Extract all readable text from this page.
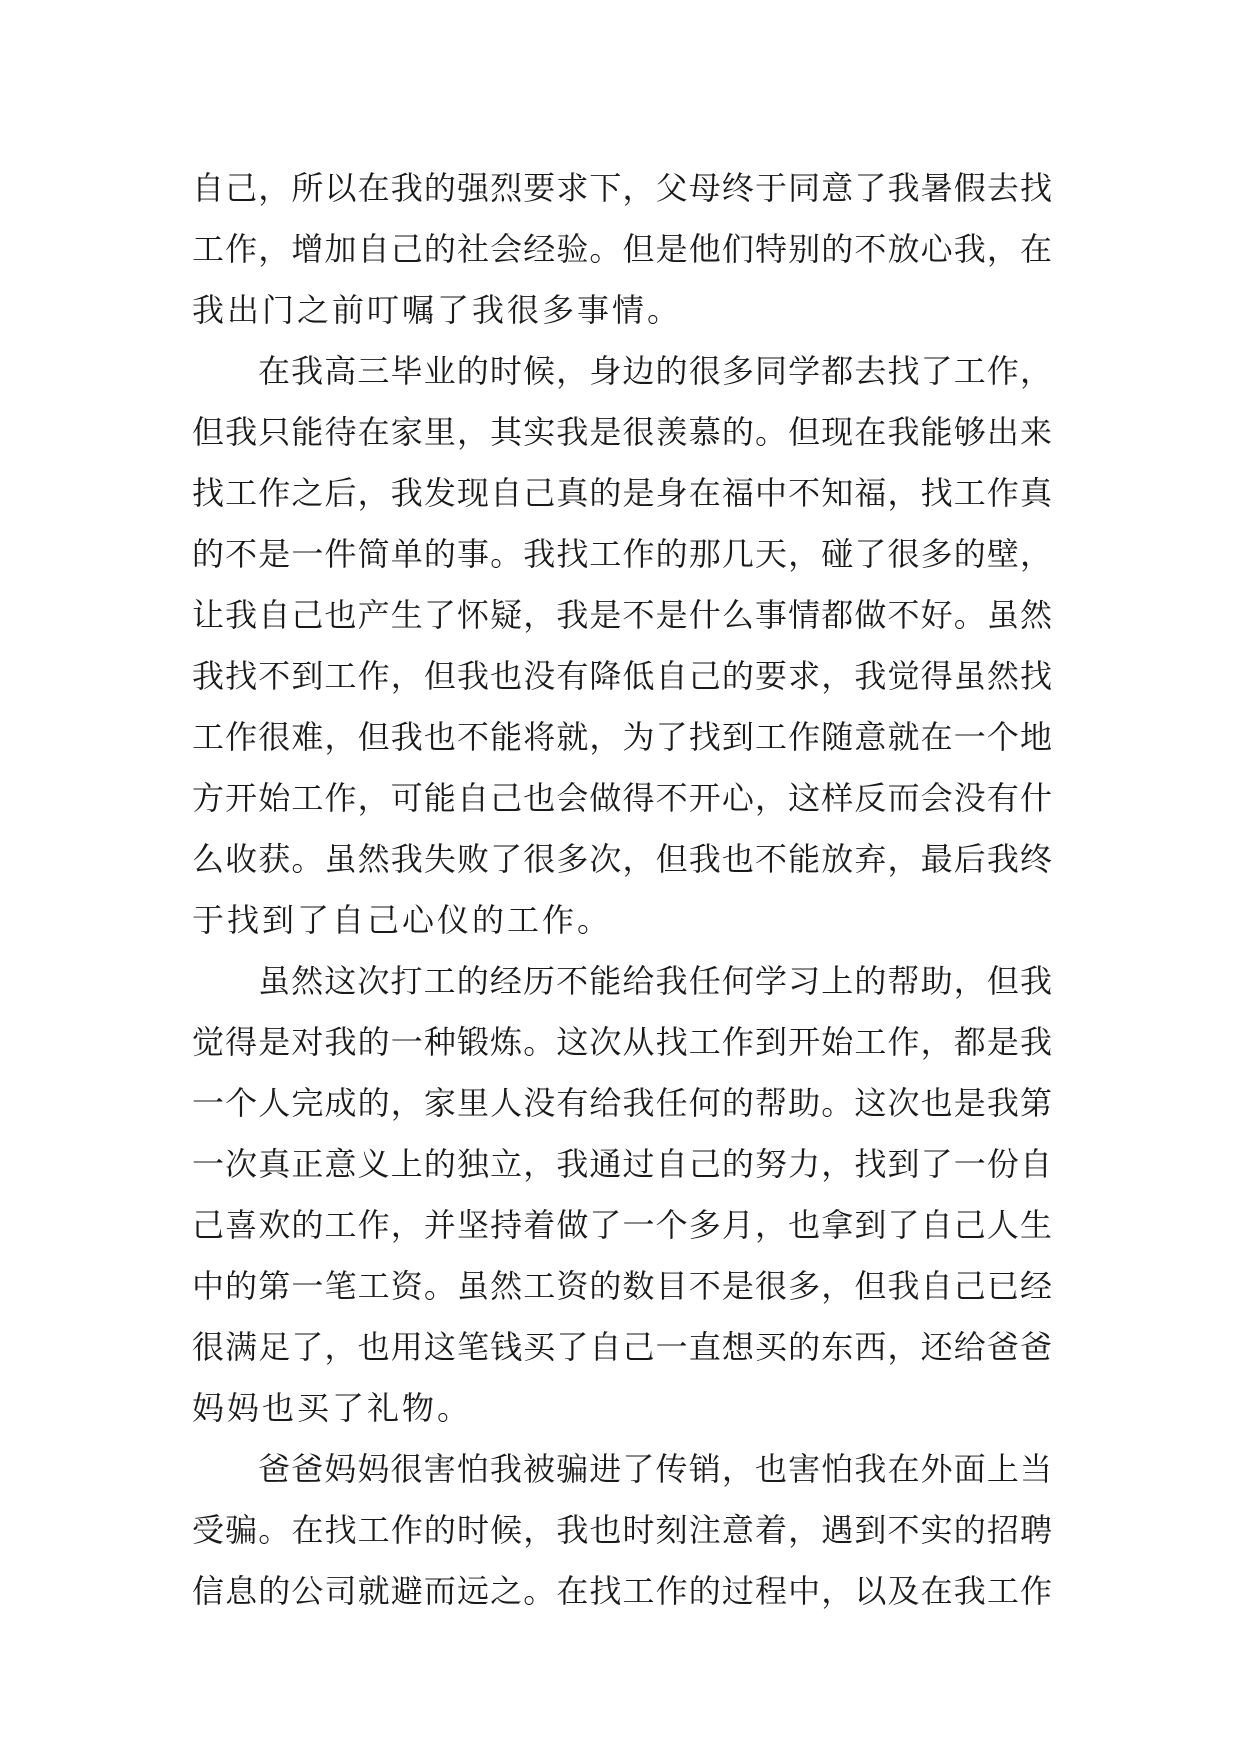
自己，所以在我的强烈要求下，父母终于同意了我暑假去找
工作，增加自己的社会经验。但是他们特别的不放心我，在
我出门之前叮嘱了我很多事情。
在我高三毕业的时候，身边的很多同学都去找了工作，
但我只能待在家里，其实我是很羡慕的。但现在我能够出来
找工作之后，我发现自己真的是身在福中不知福，找工作真
的不是一件简单的事。我找工作的那几天，碰了很多的壁，
让我自己也产生了怀疑，我是不是什么事情都做不好。虽然
我找不到工作，但我也没有降低自己的要求，我觉得虽然找
工作很难，但我也不能将就，为了找到工作随意就在一个地
方开始工作，可能自己也会做得不开心，这样反而会没有什
么收获。虽然我失败了很多次，但我也不能放弃，最后我终
于找到了自己心仪的工作。
虽然这次打工的经历不能给我任何学习上的帮助，但我
觉得是对我的一种锻炼。这次从找工作到开始工作，都是我
一个人完成的，家里人没有给我任何的帮助。这次也是我第
一次真正意义上的独立，我通过自己的努力，找到了一份自
己喜欢的工作，并坚持着做了一个多月，也拿到了自己人生
中的第一笔工资。虽然工资的数目不是很多，但我自己已经
很满足了，也用这笔钱买了自己一直想买的东西，还给爸爸
妈妈也买了礼物。
爸爸妈妈很害怕我被骗进了传销，也害怕我在外面上当
受骗。在找工作的时候，我也时刻注意着，遇到不实的招聘
信息的公司就避而远之。在找工作的过程中，以及在我工作
